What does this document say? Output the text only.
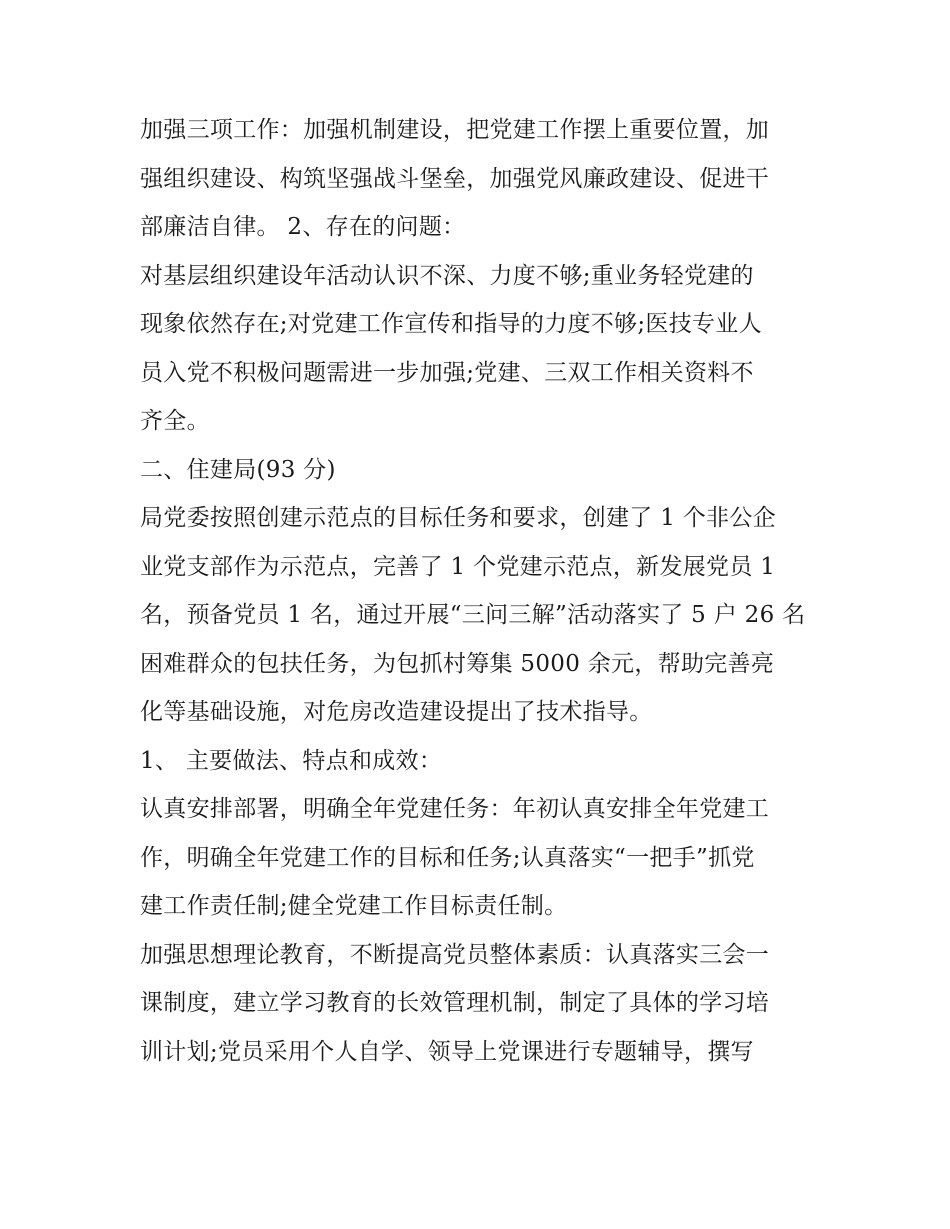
加强三项工作：加强机制建设，把党建工作摆上重要位置，加
强组织建设、构筑坚强战斗堡垒，加强党风廉政建设、促进干
部廉洁自律。 2、存在的问题：

对基层组织建设年活动认识不深、力度不够;重业务轻党建的
现象依然存在;对党建工作宣传和指导的力度不够;医技专业人
员入党不积极问题需进一步加强;党建、三双工作相关资料不
齐全。

二、住建局(93 分)

局党委按照创建示范点的目标任务和要求，创建了 1 个非公企
业党支部作为示范点，完善了 1 个党建示范点，新发展党员 1
名，预备党员 1 名，通过开展“三问三解”活动落实了 5 户 26 名
困难群众的包扶任务，为包抓村筹集 5000 余元，帮助完善亮
化等基础设施，对危房改造建设提出了技术指导。

1、 主要做法、特点和成效：

认真安排部署，明确全年党建任务：年初认真安排全年党建工
作，明确全年党建工作的目标和任务;认真落实“一把手”抓党
建工作责任制;健全党建工作目标责任制。

加强思想理论教育，不断提高党员整体素质：认真落实三会一
课制度，建立学习教育的长效管理机制，制定了具体的学习培
训计划;党员采用个人自学、领导上党课进行专题辅导，撰写
